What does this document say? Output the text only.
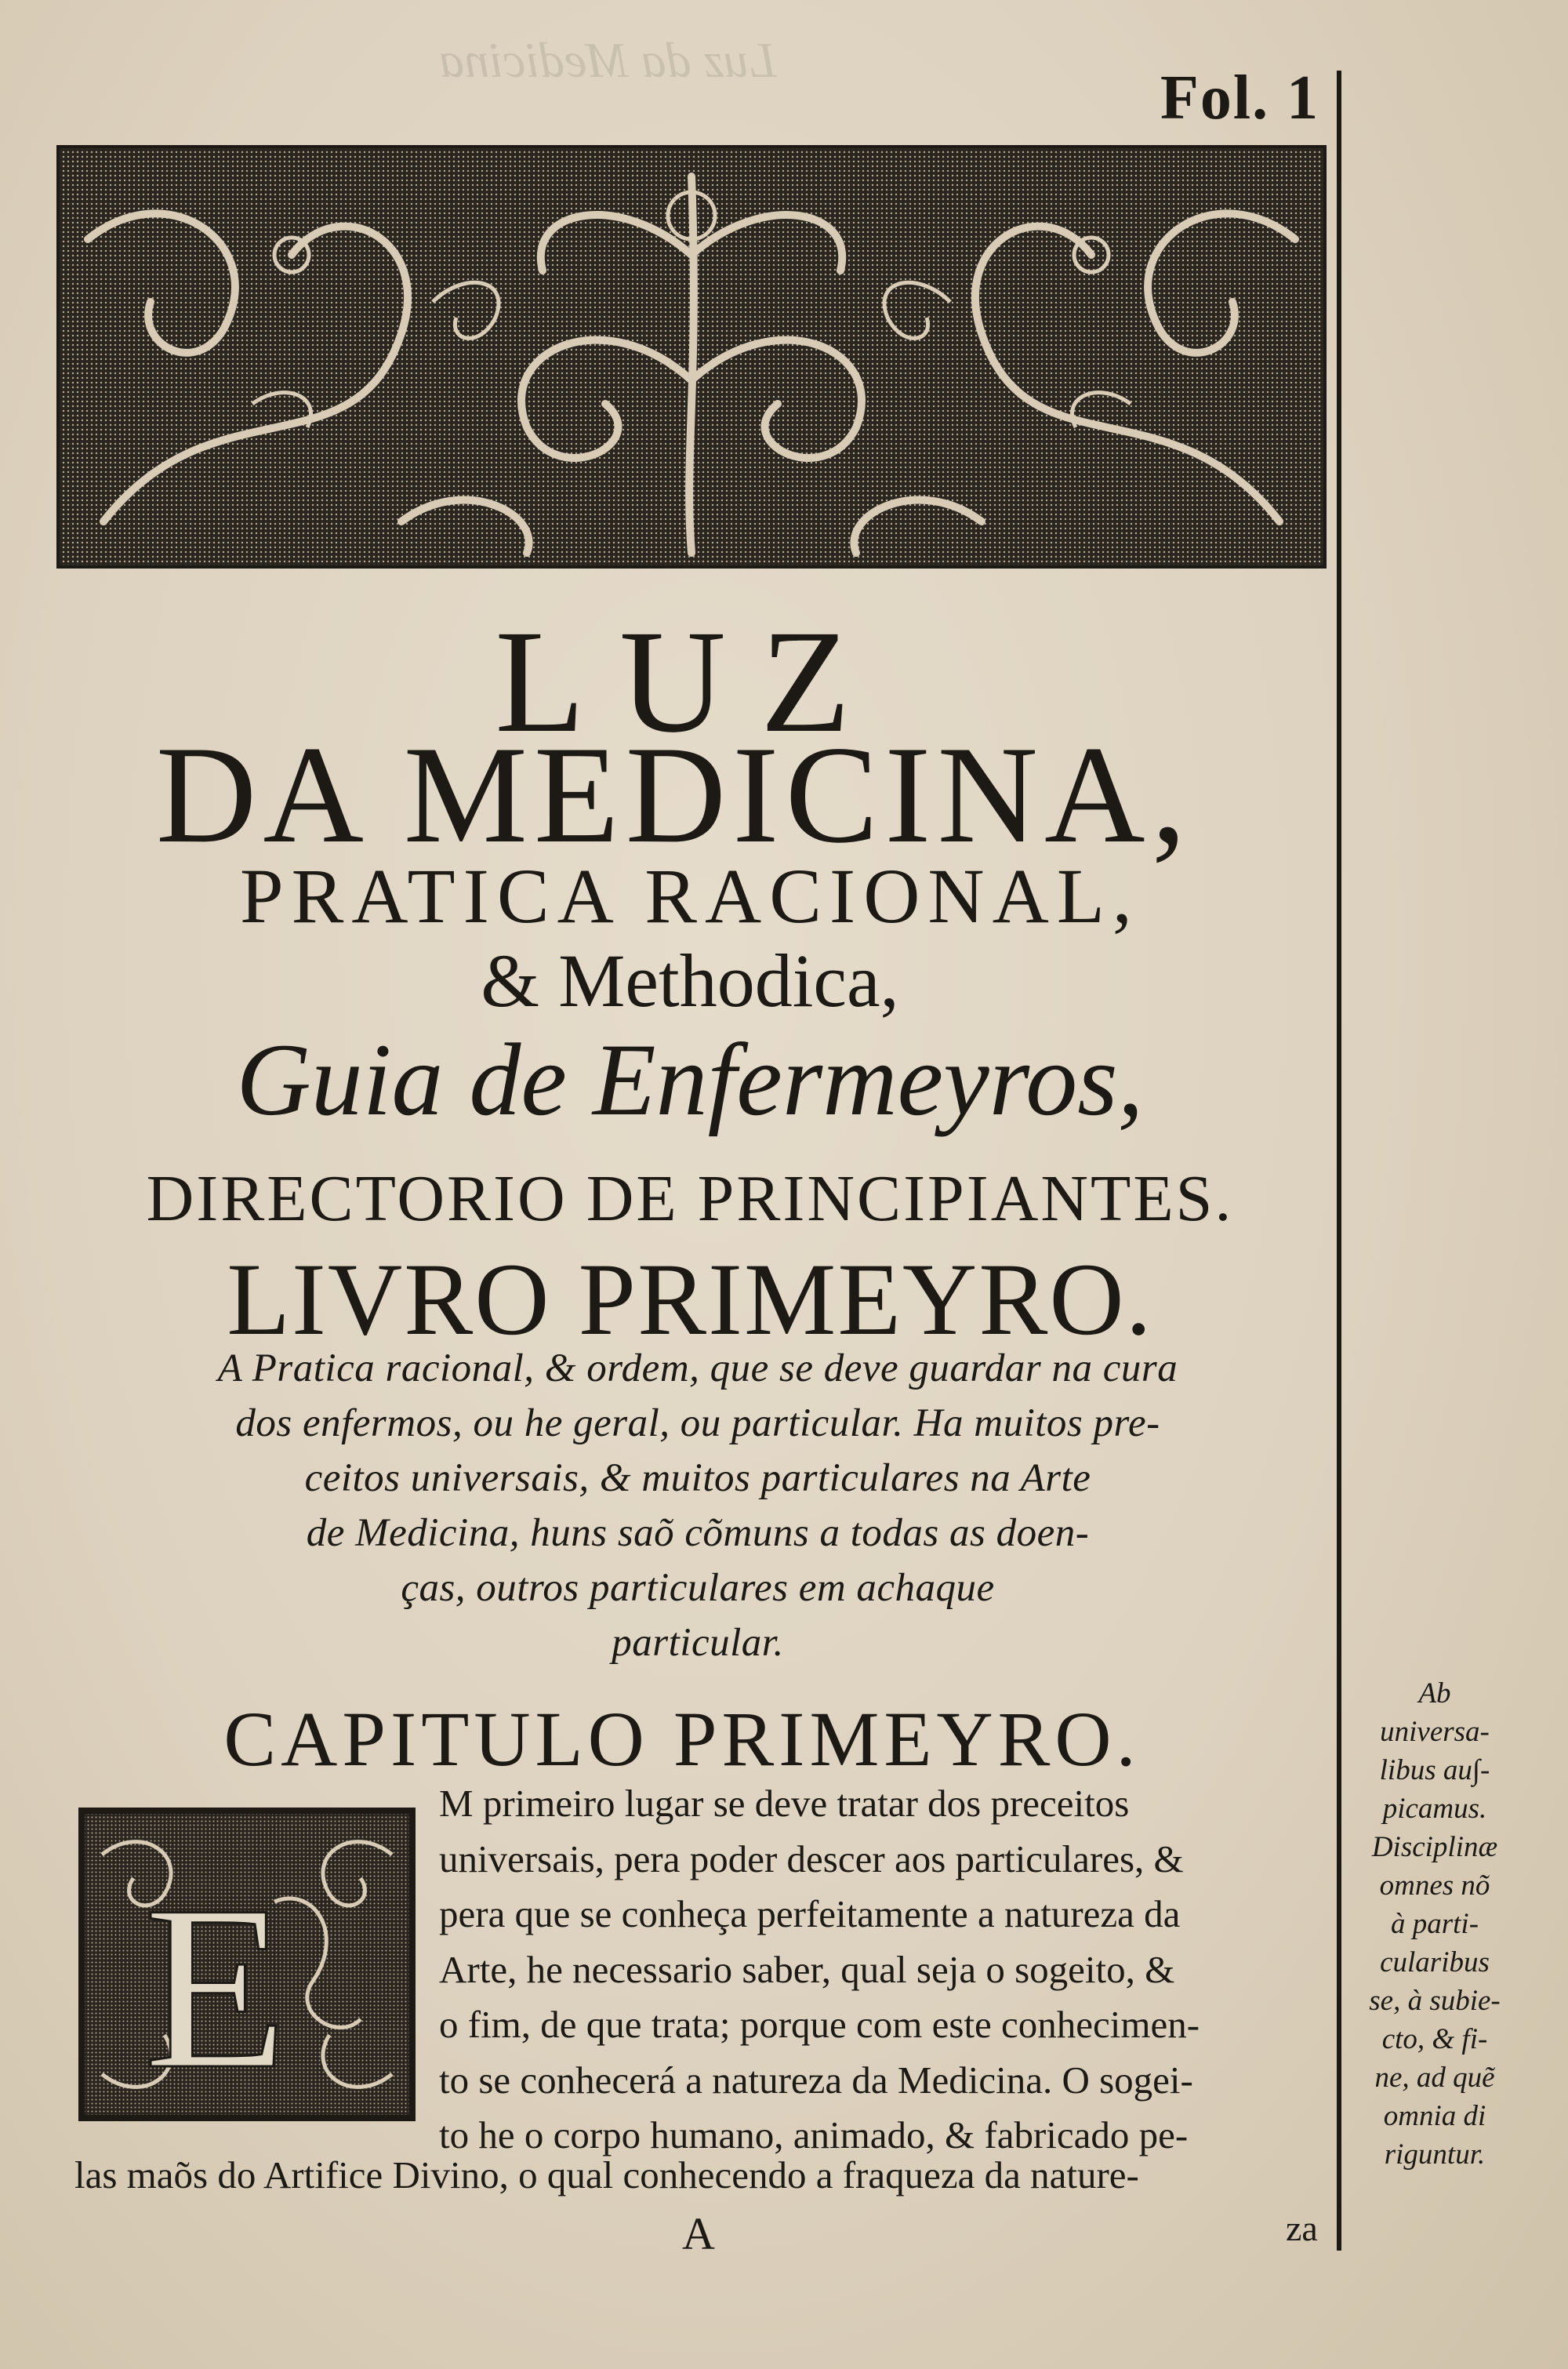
Luz da Medicina
Fol. 1
LUZ
DA MEDICINA,
PRATICA RACIONAL,
& Methodica,
Guia de Enfermeyros,
DIRECTORIO DE PRINCIPIANTES.
LIVRO PRIMEYRO.
A Pratica racional, & ordem, que se deve guardar na cura
dos enfermos, ou he geral, ou particular. Ha muitos pre-
ceitos universais, & muitos particulares na Arte
de Medicina, huns saõ cõmuns a todas as doen-
ças, outros particulares em achaque
particular.
CAPITULO PRIMEYRO.
E
M primeiro lugar se deve tratar dos preceitos
universais, pera poder descer aos particulares, &
pera que se conheça perfeitamente a natureza da
Arte, he necessario saber, qual seja o sogeito, &
o fim, de que trata; porque com este conhecimen-
to se conhecerá a natureza da Medicina. O sogei-
to he o corpo humano, animado, & fabricado pe-
las maõs do Artifice Divino, o qual conhecendo a fraqueza da nature-
A	za
Ab
universa-
libus au∫-
picamus.
Disciplinæ
omnes nõ
à parti-
cularibus
se, à subie-
cto, & fi-
ne, ad quẽ
omnia di
riguntur.
